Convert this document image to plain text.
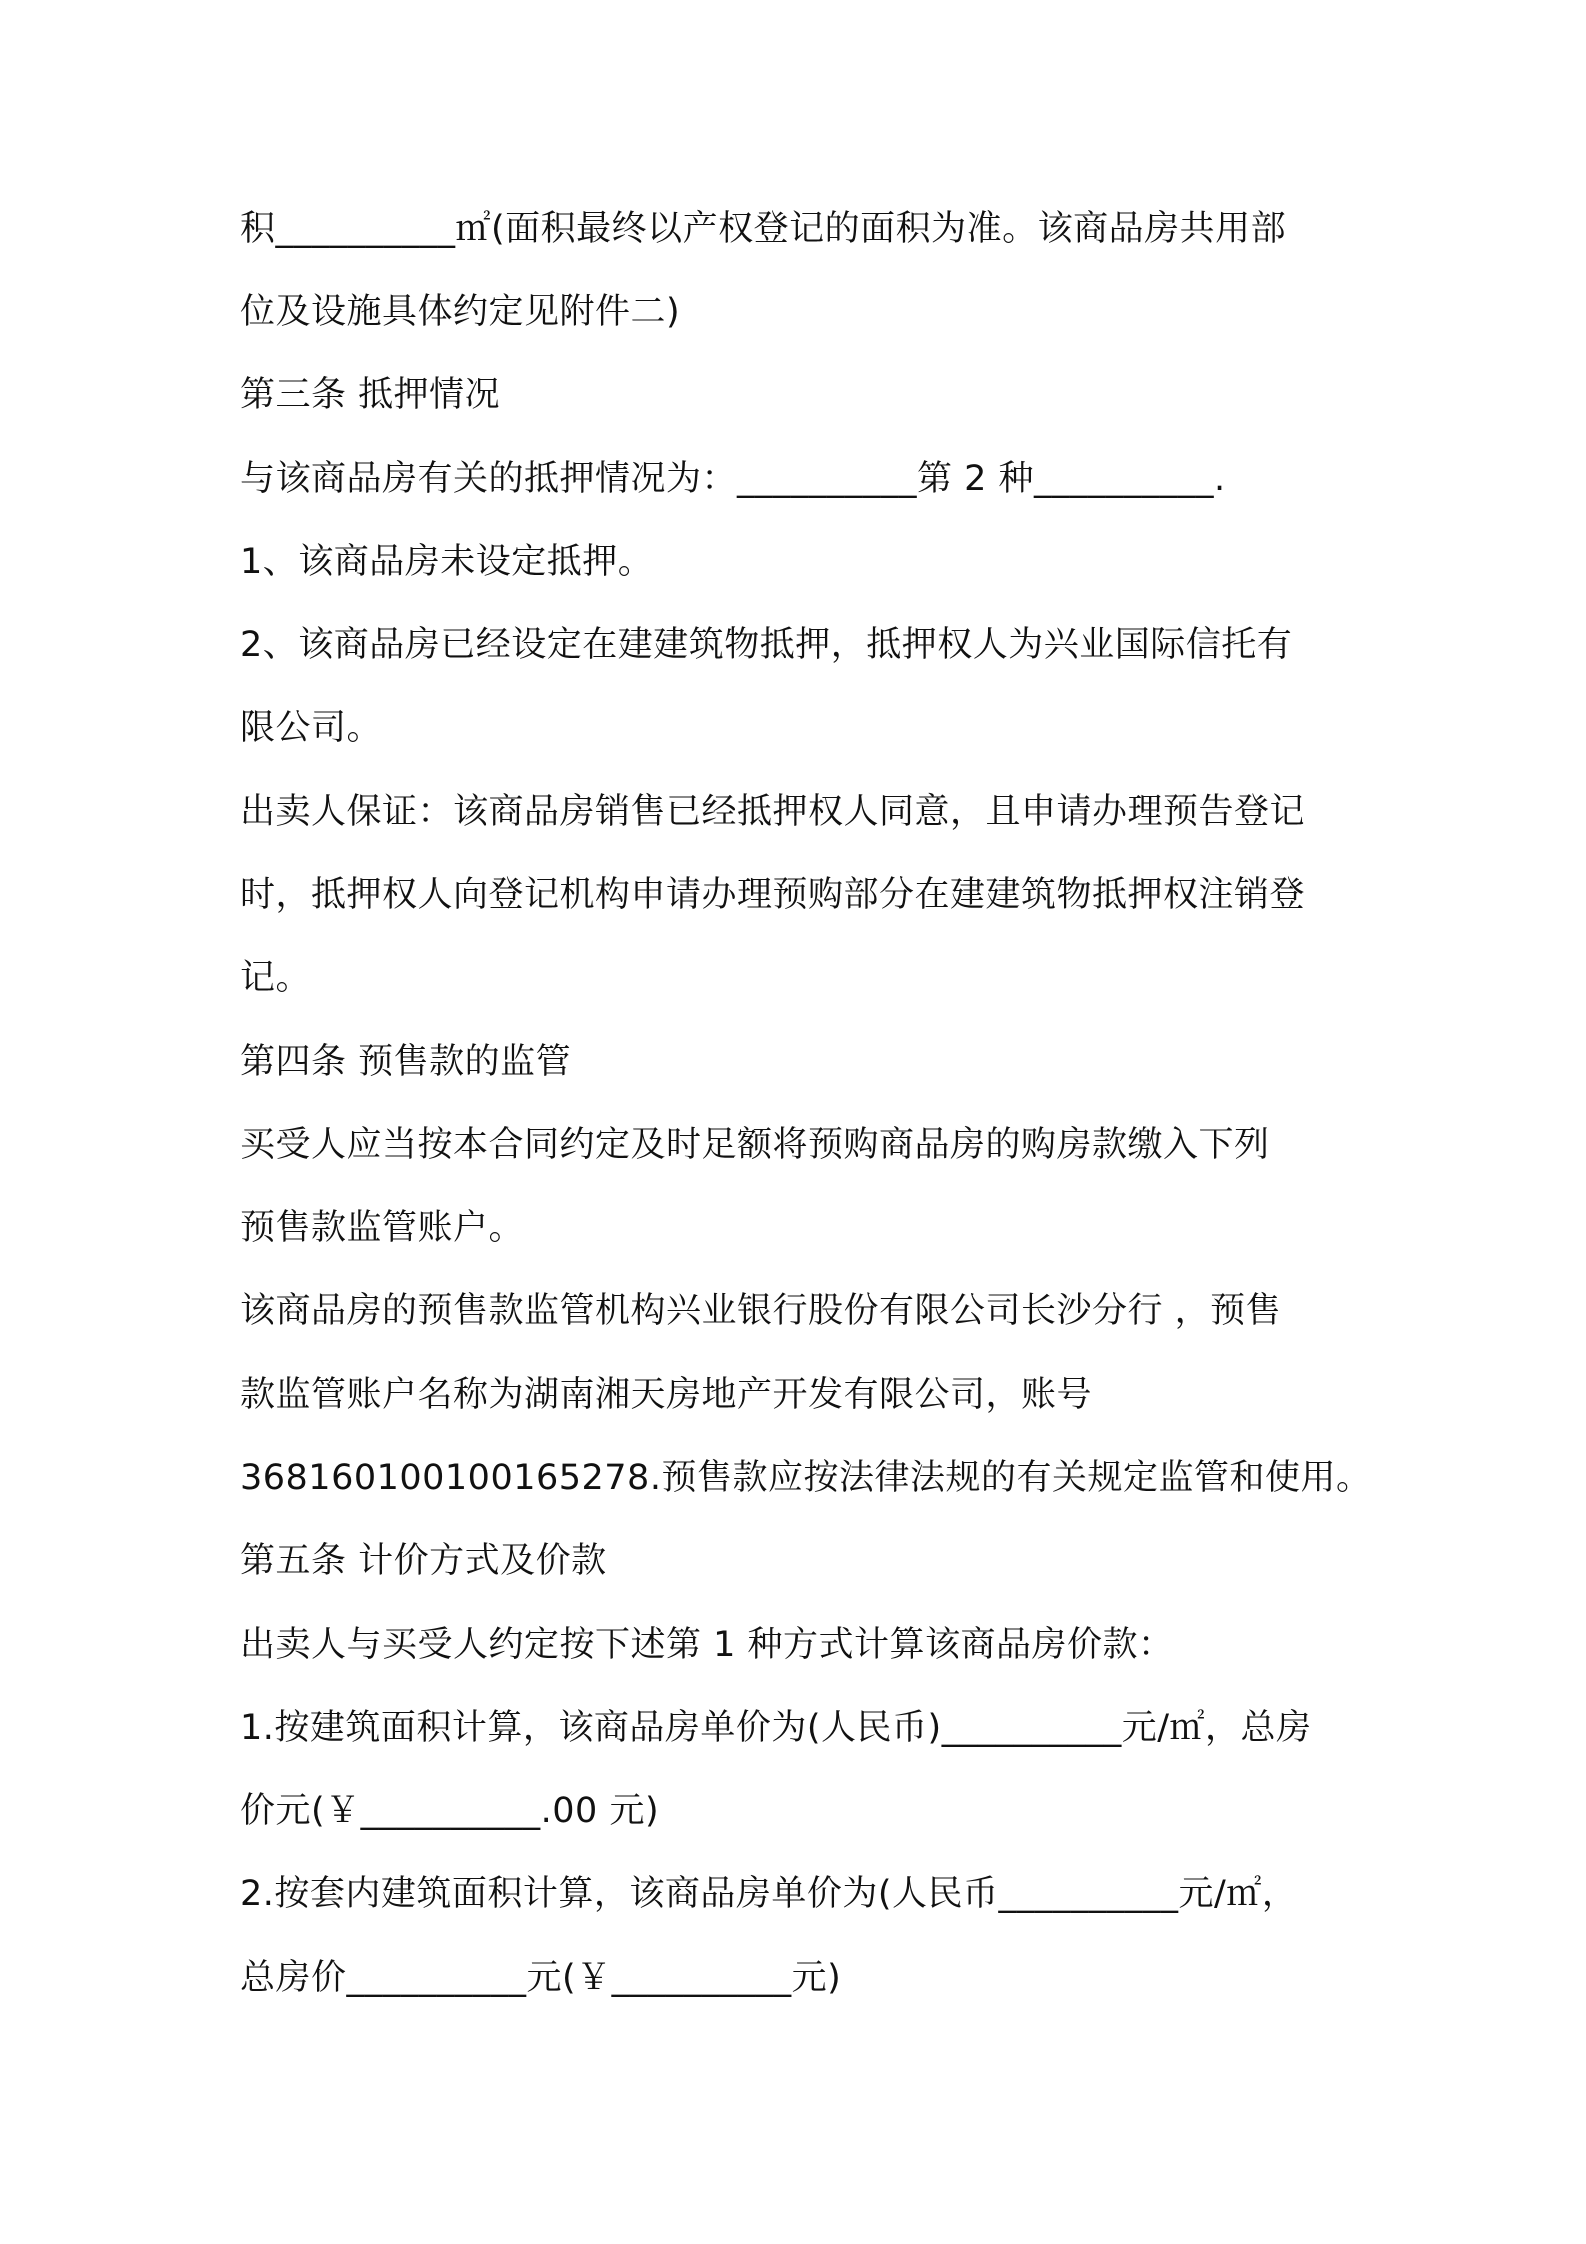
积__________㎡(面积最终以产权登记的面积为准。该商品房共用部
位及设施具体约定见附件二)
第三条 抵押情况
与该商品房有关的抵押情况为：__________第 2 种__________.
1、该商品房未设定抵押。
2、该商品房已经设定在建建筑物抵押，抵押权人为兴业国际信托有
限公司。
出卖人保证：该商品房销售已经抵押权人同意，且申请办理预告登记
时，抵押权人向登记机构申请办理预购部分在建建筑物抵押权注销登
记。
第四条 预售款的监管
买受人应当按本合同约定及时足额将预购商品房的购房款缴入下列
预售款监管账户。
该商品房的预售款监管机构兴业银行股份有限公司长沙分行 ，预售
款监管账户名称为湖南湘天房地产开发有限公司，账号
368160100100165278.预售款应按法律法规的有关规定监管和使用。
第五条 计价方式及价款
出卖人与买受人约定按下述第 1 种方式计算该商品房价款：
1.按建筑面积计算，该商品房单价为(人民币)__________元/㎡，总房
价元(￥__________.00 元)
2.按套内建筑面积计算，该商品房单价为(人民币__________元/㎡，
总房价__________元(￥__________元)
